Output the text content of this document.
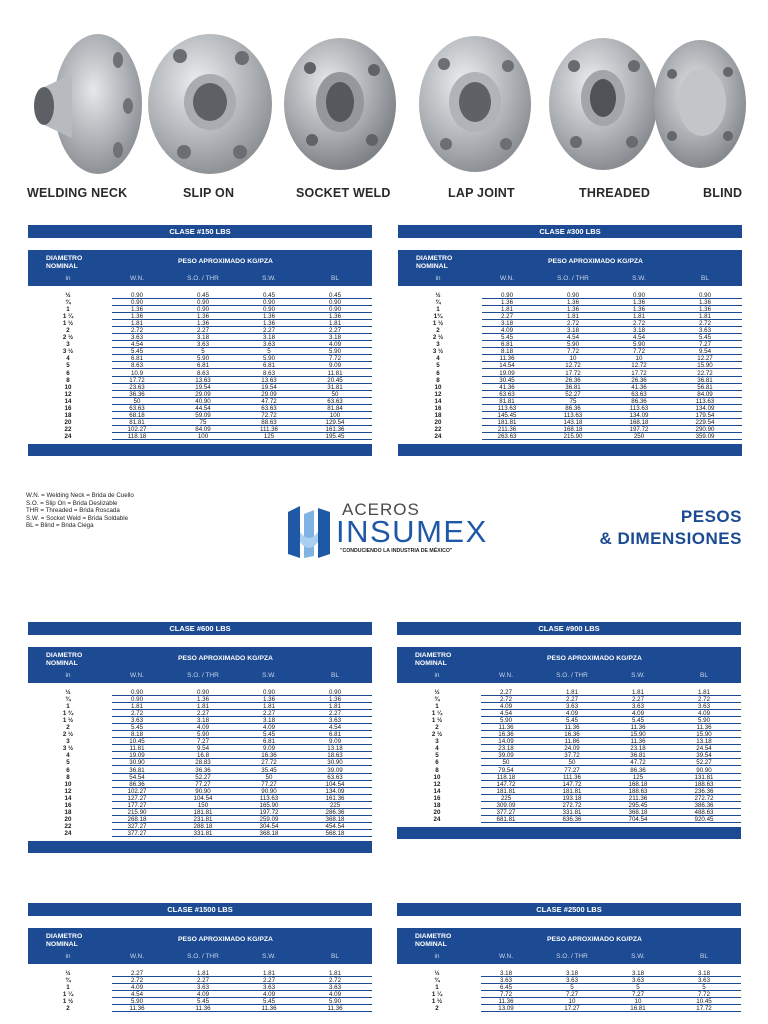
WELDING NECK	SLIP ON	SOCKET WELD	LAP JOINT	THREADED	BLIND
CLASE #150 LBS
DIAMETRO NOMINAL
PESO APROXIMADO KG/PZA
in	W.N.	S.O. / THR	S.W.	BL
½	0.90	0.45	0.45	0.45
¾	0.90	0.90	0.90	0.90
1	1.36	0.90	0.90	0.90
1 ¼	1.36	1.36	1.36	1.36
1 ½	1.81	1.36	1.36	1.81
2	2.72	2.27	2.27	2.27
2 ½	3.63	3.18	3.18	3.18
3	4.54	3.63	3.63	4.09
3 ½	5.45	5	5	5.90
4	6.81	5.90	5.90	7.72
5	8.63	6.81	6.81	9.09
6	10.9	8.63	8.63	11.81
8	17.72	13.63	13.63	20.45
10	23.63	19.54	19.54	31.81
12	36.36	29.09	29.09	50
14	50	40.90	47.72	63.63
16	63.63	44.54	63.63	81.84
18	68.18	59.09	72.72	100
20	81.81	75	88.63	129.54
22	102.27	84.09	111.36	161.36
24	118.18	100	125	195.45
CLASE #300 LBS
DIAMETRO NOMINAL
PESO APROXIMADO KG/PZA
in	W.N.	S.O. / THR	S.W.	BL
½	0.90	0.90	0.90	0.90
¾	1.36	1.36	1.36	1.36
1	1.81	1.36	1.36	1.36
1¾	2.27	1.81	1.81	1.81
1 ½	3.18	2.72	2.72	2.72
2	4.09	3.18	3.18	3.63
2 ½	5.45	4.54	4.54	5.45
3	6.81	5.90	5.90	7.27
3 ½	8.18	7.72	7.72	9.54
4	11.36	10	10	12.27
5	14.54	12.72	12.72	15.90
6	19.09	17.72	17.72	22.72
8	30.45	26.36	26.36	36.81
10	41.36	36.81	41.36	56.81
12	63.63	52.27	63.63	84.09
14	81.81	75	86.36	113.63
16	113.63	86.36	113.63	134.09
18	145.45	113.63	134.09	179.54
20	181.81	143.18	168.18	229.54
22	211.36	168.18	197.72	290.90
24	263.63	215.90	250	359.09
CLASE #600 LBS
DIAMETRO NOMINAL
PESO APROXIMADO KG/PZA
in	W.N.	S.O. / THR	S.W.	BL
½	0.90	0.90	0.90	0.90
¾	0.90	1.36	1.36	1.36
1	1.81	1.81	1.81	1.81
1 ¾	2.72	2.27	2.27	2.27
1 ½	3.63	3.18	3.18	3.63
2	5.45	4.09	4.09	4.54
2 ½	8.18	5.90	5.45	6.81
3	10.45	7.27	6.81	9.09
3 ½	11.81	9.54	9.09	13.18
4	19.09	16.8	16.36	18.63
5	30.90	28.83	27.72	30.90
6	36.81	36.36	35.45	39.09
8	54.54	52.27	50	63.63
10	86.36	77.27	77.27	104.54
12	102.27	90.90	90.90	134.09
14	127.27	104.54	113.63	161.36
16	177.27	150	165.90	225
18	215.90	181.81	197.72	286.36
20	268.18	231.81	259.09	368.18
22	327.27	288.18	304.54	454.54
24	377.27	331.81	368.18	568.18
CLASE #900 LBS
DIAMETRO NOMINAL
PESO APROXIMADO KG/PZA
in	W.N.	S.O. / THR	S.W.	BL
½	2.27	1.81	1.81	1.81
¾	2.72	2.27	2.27	2.72
1	4.09	3.63	3.63	3.63
1 ¼	4.54	4.09	4.09	4.09
1 ½	5.90	5.45	5.45	5.90
2	11.36	11.36	11.36	11.36
2 ½	16.36	16.36	15.90	15.90
3	14.09	11.86	11.36	13.18
4	23.18	24.09	23.18	24.54
5	39.09	37.72	36.81	39.54
6	50	50	47.72	52.27
8	79.54	77.27	86.36	90.90
10	118.18	111.36	125	131.81
12	147.72	147.72	168.18	188.63
14	181.81	181.81	188.63	236.36
16	225	193.18	211.36	272.72
18	309.09	272.72	295.45	386.36
20	377.27	331.81	368.18	488.63
24	681.81	636.36	704.54	920.45
CLASE #1500 LBS
DIAMETRO NOMINAL
PESO APROXIMADO KG/PZA
in	W.N.	S.O. / THR	S.W.	BL
½	2.27	1.81	1.81	1.81
¾	2.72	2.27	2.27	2.72
1	4.09	3.63	3.63	3.63
1 ¼	4.54	4.09	4.09	4.09
1 ½	5.90	5.45	5.45	5.90
2	11.36	11.36	11.36	11.36
CLASE #2500 LBS
DIAMETRO NOMINAL
PESO APROXIMADO KG/PZA
in	W.N.	S.O. / THR	S.W.	BL
½	3.18	3.18	3.18	3.18
¾	3.63	3.63	3.63	3.63
1	6.45	5	5	5
1 ¼	7.72	7.27	7.27	7.72
1 ½	11.36	10	10	10.45
2	13.09	17.27	16.81	17.72
W.N. = Welding Neck = Brida de Cuello
S.O. = Slip On = Brida Deslizable
THR = Threaded = Brida Roscada
S.W. = Socket Weld = Brida Soldable
BL = Blind = Brida Ciega
ACEROS
INSUMEX
"CONDUCIENDO LA INDUSTRIA DE MÉXICO"
PESOS
& DIMENSIONES
